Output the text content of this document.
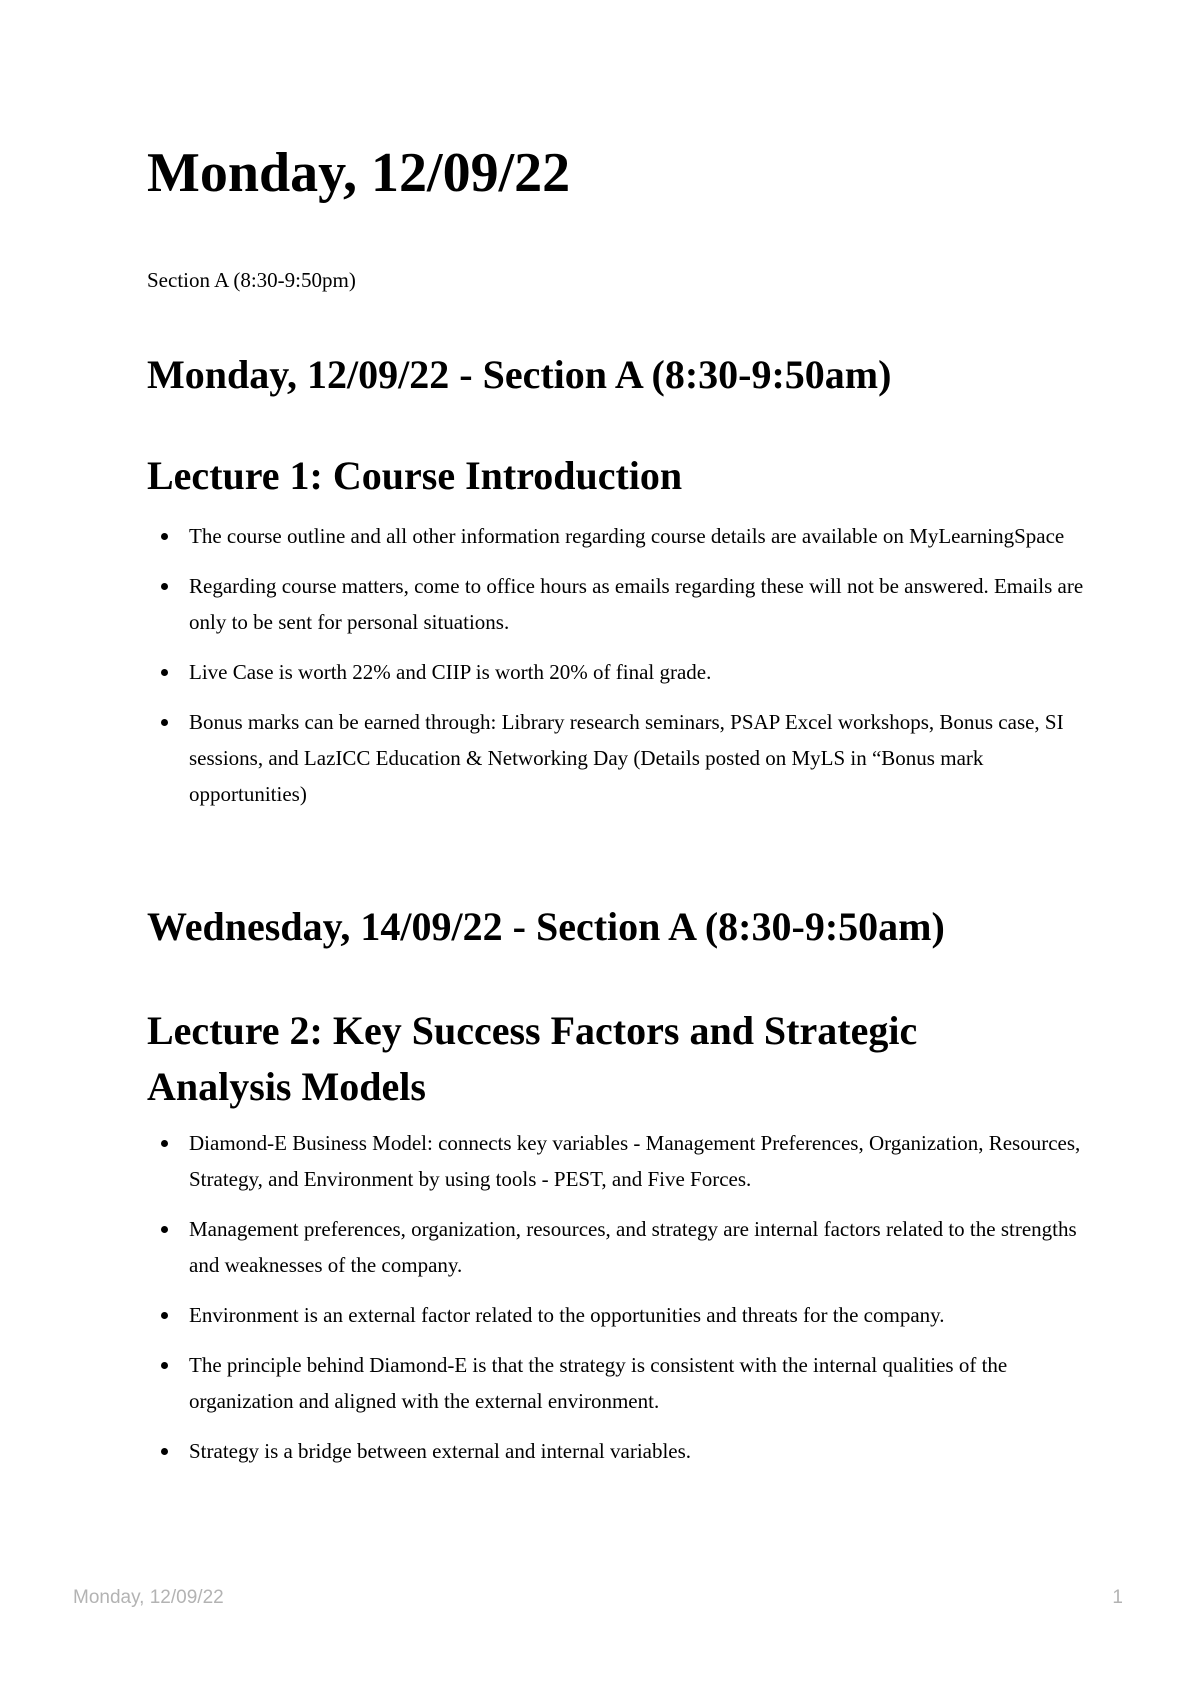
Monday, 12/09/22

Section A (8:30-9:50pm)

Monday, 12/09/22 - Section A (8:30-9:50am)
Lecture 1: Course Introduction
The course outline and all other information regarding course details are available on MyLearningSpace
Regarding course matters, come to office hours as emails regarding these will not be answered. Emails are only to be sent for personal situations.
Live Case is worth 22% and CIIP is worth 20% of final grade.
Bonus marks can be earned through: Library research seminars, PSAP Excel workshops, Bonus case, SI sessions, and LazICC Education & Networking Day (Details posted on MyLS in “Bonus mark opportunities)
Wednesday, 14/09/22 - Section A (8:30-9:50am)
Lecture 2: Key Success Factors and Strategic Analysis Models
Diamond-E Business Model: connects key variables - Management Preferences, Organization, Resources, Strategy, and Environment by using tools - PEST, and Five Forces.
Management preferences, organization, resources, and strategy are internal factors related to the strengths and weaknesses of the company.
Environment is an external factor related to the opportunities and threats for the company.
The principle behind Diamond-E is that the strategy is consistent with the internal qualities of the organization and aligned with the external environment.
Strategy is a bridge between external and internal variables.
Monday, 12/09/22	1
